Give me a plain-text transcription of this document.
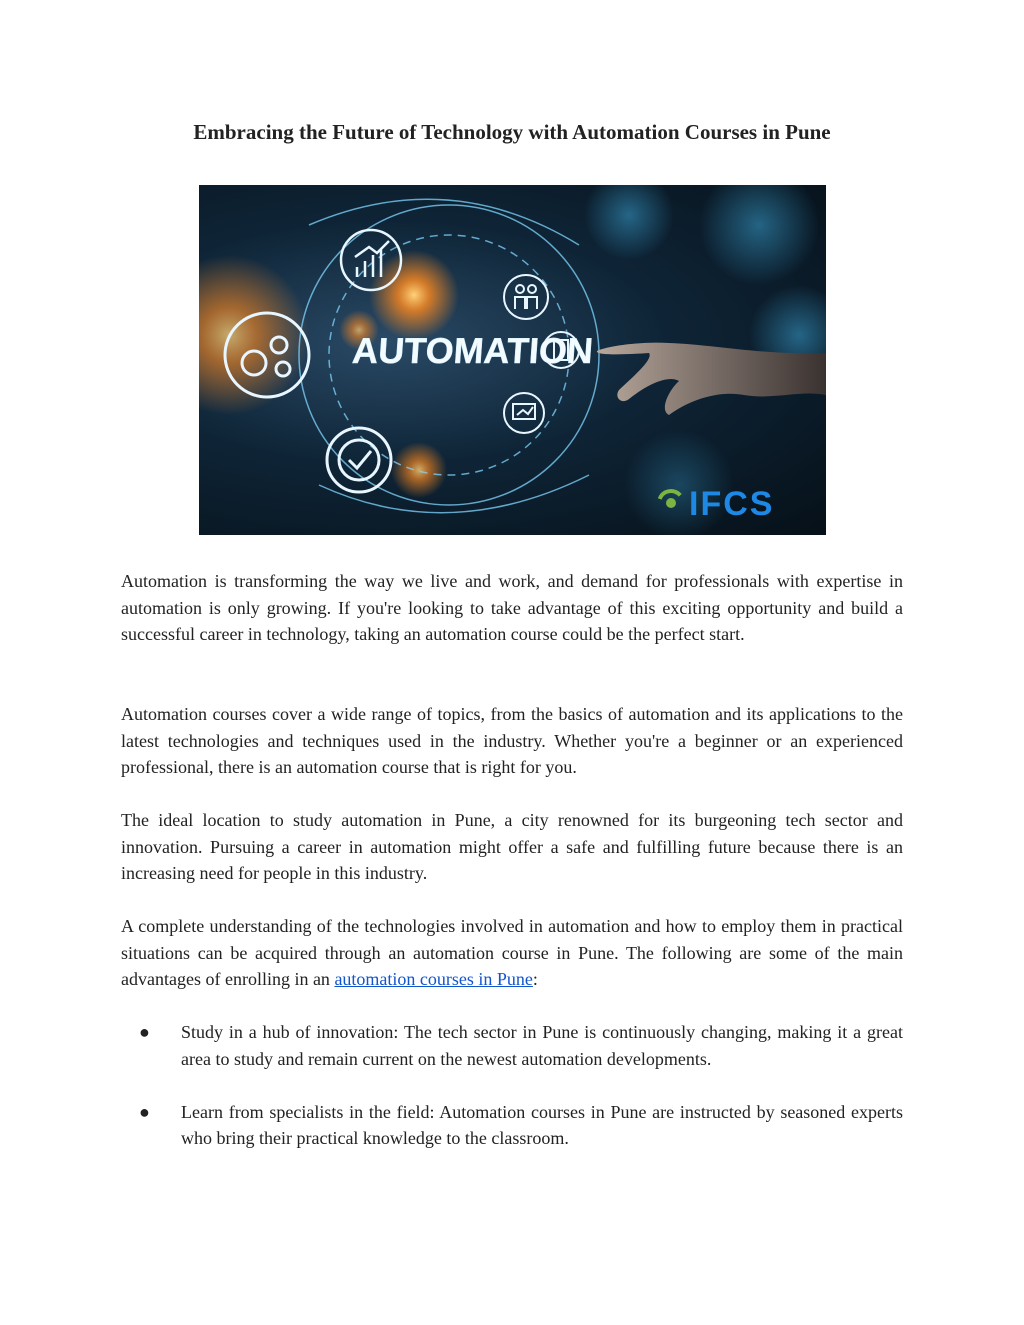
Embracing the Future of Technology with Automation Courses in Pune
AUTOMATION
IFCS

Automation is transforming the way we live and work, and demand for professionals with expertise in automation is only growing. If you're looking to take advantage of this exciting opportunity and build a successful career in technology, taking an automation course could be the perfect start.

Automation courses cover a wide range of topics, from the basics of automation and its applications to the latest technologies and techniques used in the industry. Whether you're a beginner or an experienced professional, there is an automation course that is right for you.

The ideal location to study automation in Pune, a city renowned for its burgeoning tech sector and innovation. Pursuing a career in automation might offer a safe and fulfilling future because there is an increasing need for people in this industry.

A complete understanding of the technologies involved in automation and how to employ them in practical situations can be acquired through an automation course in Pune. The following are some of the main advantages of enrolling in an automation courses in Pune:

● Study in a hub of innovation: The tech sector in Pune is continuously changing, making it a great area to study and remain current on the newest automation developments.
● Learn from specialists in the field: Automation courses in Pune are instructed by seasoned experts who bring their practical knowledge to the classroom.
